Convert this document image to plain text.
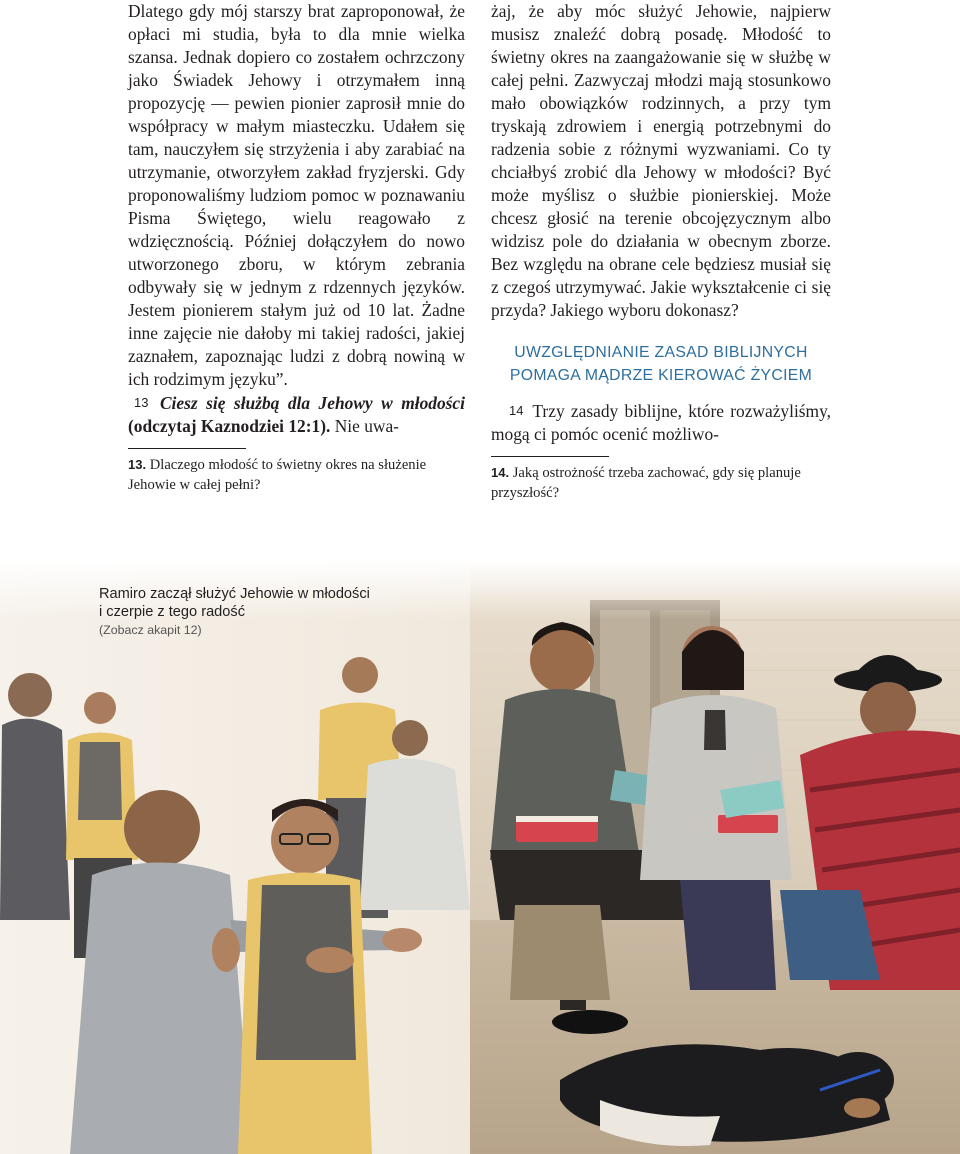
Dlatego gdy mój starszy brat zaproponował, że opłaci mi studia, była to dla mnie wielka szansa. Jednak dopiero co zostałem ochrzczony jako Świadek Jehowy i otrzymałem inną propozycję — pewien pionier zaprosił mnie do współpracy w małym miasteczku. Udałem się tam, nauczyłem się strzyżenia i aby zarabiać na utrzymanie, otworzyłem zakład fryzjerski. Gdy proponowaliśmy ludziom pomoc w poznawaniu Pisma Świętego, wielu reagowało z wdzięcznością. Później dołączyłem do nowo utworzonego zboru, w którym zebrania odbywały się w jednym z rdzennych języków. Jestem pionierem stałym już od 10 lat. Żadne inne zajęcie nie dałoby mi takiej radości, jakiej zaznałem, zapoznając ludzi z dobrą nowiną w ich rodzimym języku”.

13 Ciesz się służbą dla Jehowy w młodości (odczytaj Kaznodziei 12:1). Nie uwa-

13. Dlaczego młodość to świetny okres na służenie Jehowie w całej pełni?

żaj, że aby móc służyć Jehowie, najpierw musisz znaleźć dobrą posadę. Młodość to świetny okres na zaangażowanie się w służbę w całej pełni. Zazwyczaj młodzi mają stosunkowo mało obowiązków rodzinnych, a przy tym tryskają zdrowiem i energią potrzebnymi do radzenia sobie z różnymi wyzwaniami. Co ty chciałbyś zrobić dla Jehowy w młodości? Być może myślisz o służbie pionierskiej. Może chcesz głosić na terenie obcojęzycznym albo widzisz pole do działania w obecnym zborze. Bez względu na obrane cele będziesz musiał się z czegoś utrzymywać. Jakie wykształcenie ci się przyda? Jakiego wyboru dokonasz?

UWZGLĘDNIANIE ZASAD BIBLIJNYCH
POMAGA MĄDRZE KIEROWAĆ ŻYCIEM

14 Trzy zasady biblijne, które rozważyliśmy, mogą ci pomóc ocenić możliwo-

14. Jaką ostrożność trzeba zachować, gdy się planuje przyszłość?

Ramiro zaczął służyć Jehowie w młodości
i czerpie z tego radość
(Zobacz akapit 12)
